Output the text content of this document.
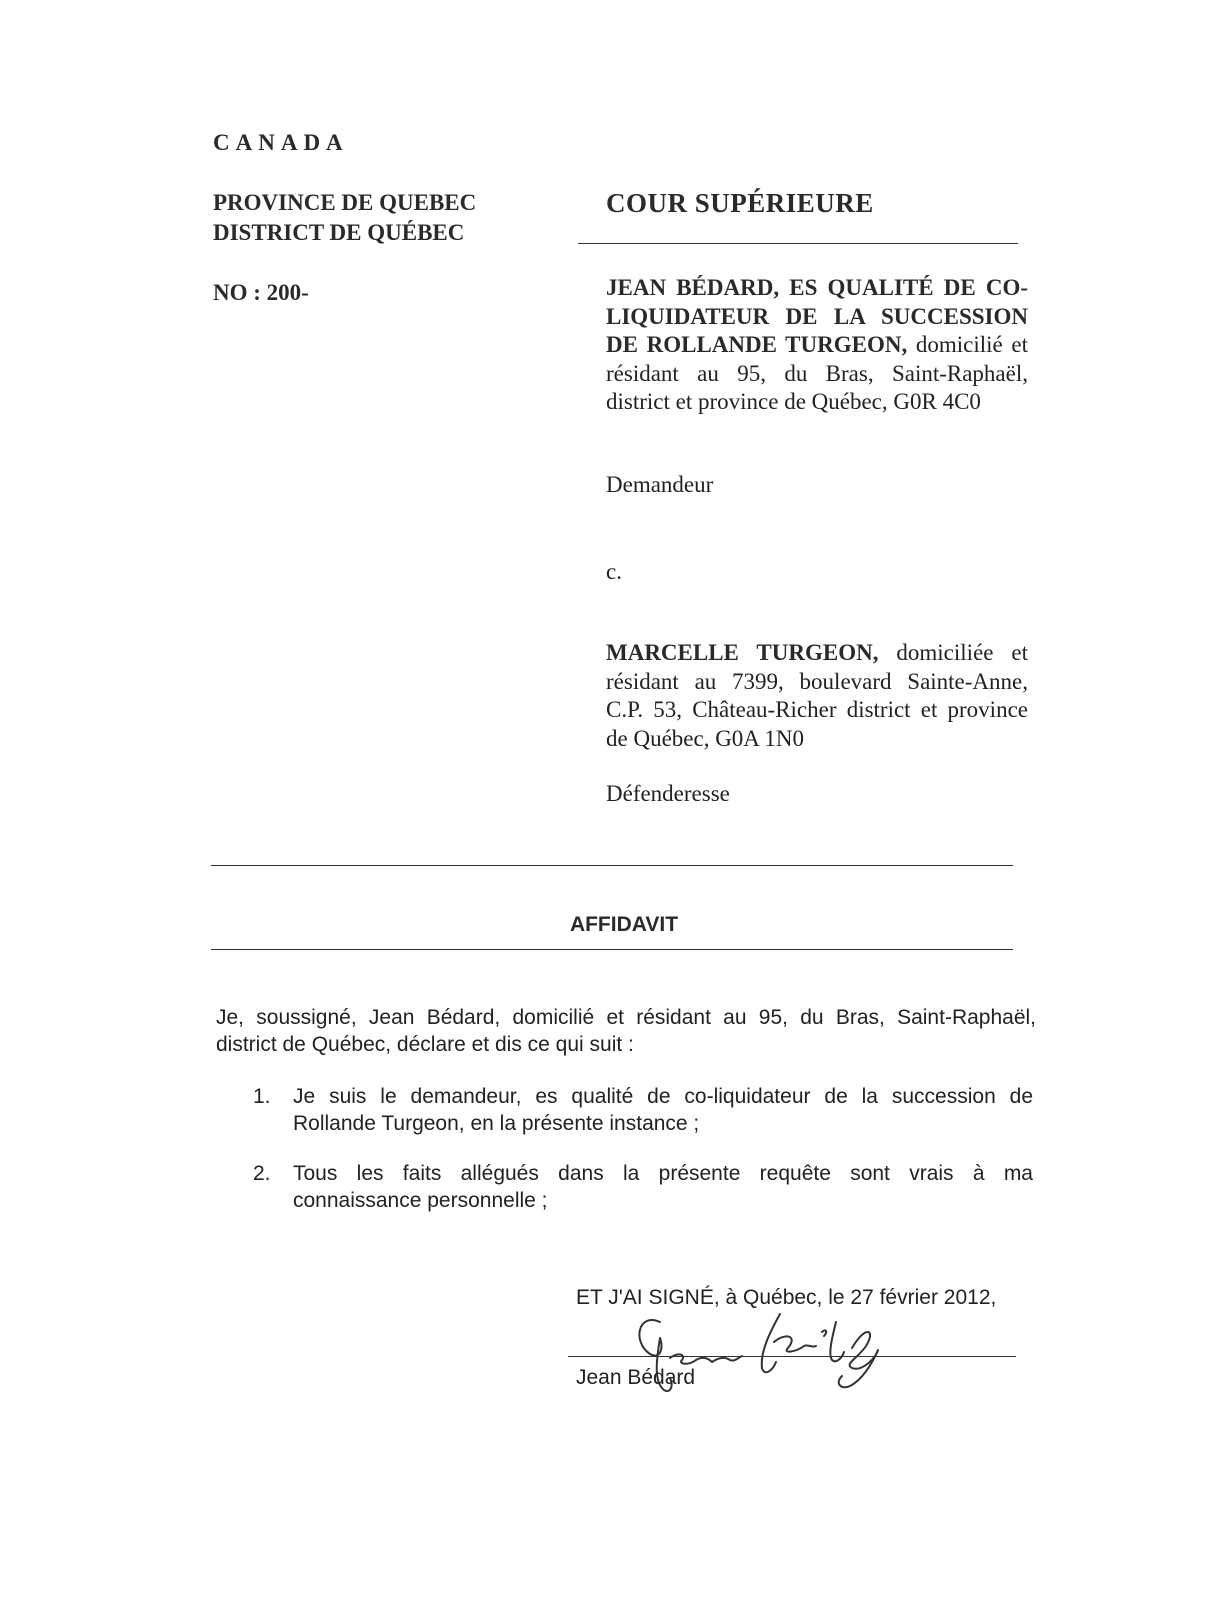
CANADA
PROVINCE DE QUEBEC
DISTRICT DE QUÉBEC
NO : 200-
COUR SUPÉRIEURE
JEAN BÉDARD, ES QUALITÉ DE CO-LIQUIDATEUR DE LA SUCCESSION DE ROLLANDE TURGEON, domicilié et résidant au 95, du Bras, Saint-Raphaël, district et province de Québec, G0R 4C0
Demandeur
c.
MARCELLE TURGEON, domiciliée et résidant au 7399, boulevard Sainte-Anne, C.P. 53, Château-Richer district et province de Québec, G0A 1N0
Défenderesse
AFFIDAVIT
Je, soussigné, Jean Bédard, domicilié et résidant au 95, du Bras, Saint-Raphaël,
district de Québec, déclare et dis ce qui suit :
1. Je suis le demandeur, es qualité de co-liquidateur de la succession de
Rollande Turgeon, en la présente instance ;
2. Tous les faits allégués dans la présente requête sont vrais à ma
connaissance personnelle ;
ET J'AI SIGNÉ, à Québec, le 27 février 2012,
Jean Bédard
